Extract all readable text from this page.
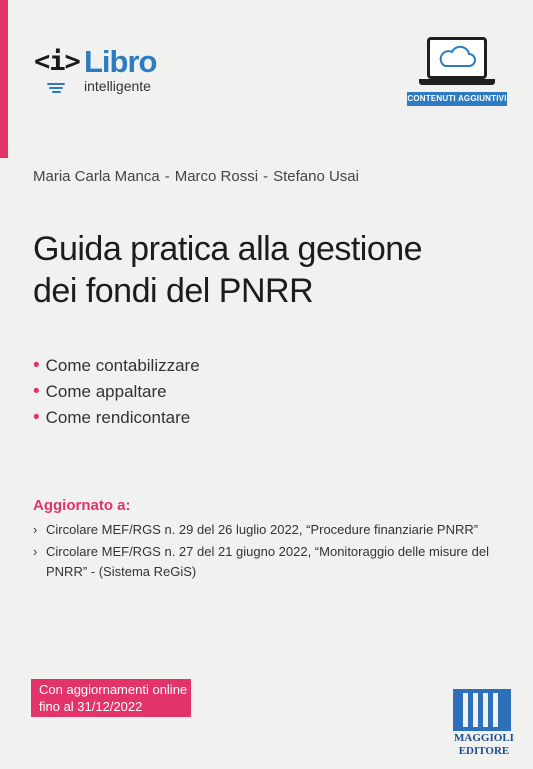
<i> Libro
intelligente
CONTENUTI AGGIUNTIVI
Maria Carla Manca - Marco Rossi - Stefano Usai
Guida pratica alla gestione
dei fondi del PNRR
• Come contabilizzare
• Come appaltare
• Come rendicontare
Aggiornato a:
› Circolare MEF/RGS n. 29 del 26 luglio 2022, “Procedure finanziarie PNRR”
› Circolare MEF/RGS n. 27 del 21 giugno 2022, “Monitoraggio delle misure del PNRR” - (Sistema ReGiS)
Con aggiornamenti online
fino al 31/12/2022
MAGGIOLI
EDITORE
